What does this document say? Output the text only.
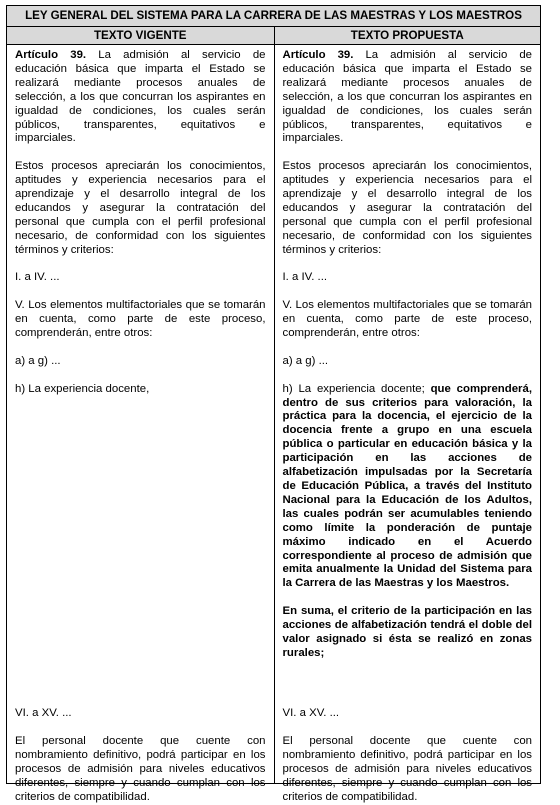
LEY GENERAL DEL SISTEMA PARA LA CARRERA DE LAS MAESTRAS Y LOS MAESTROS
TEXTO VIGENTE	TEXTO PROPUESTA

Artículo 39. La admisión al servicio de educación básica que imparta el Estado se realizará mediante procesos anuales de selección, a los que concurran los aspirantes en igualdad de condiciones, los cuales serán públicos, transparentes, equitativos e imparciales.

Estos procesos apreciarán los conocimientos, aptitudes y experiencia necesarios para el aprendizaje y el desarrollo integral de los educandos y asegurar la contratación del personal que cumpla con el perfil profesional necesario, de conformidad con los siguientes términos y criterios:

I. a IV. ...

V. Los elementos multifactoriales que se tomarán en cuenta, como parte de este proceso, comprenderán, entre otros:

a) a g) ...

h) La experiencia docente,

VI. a XV. ...

El personal docente que cuente con nombramiento definitivo, podrá participar en los procesos de admisión para niveles educativos diferentes, siempre y cuando cumplan con los criterios de compatibilidad.

Artículo 39. La admisión al servicio de educación básica que imparta el Estado se realizará mediante procesos anuales de selección, a los que concurran los aspirantes en igualdad de condiciones, los cuales serán públicos, transparentes, equitativos e imparciales.

Estos procesos apreciarán los conocimientos, aptitudes y experiencia necesarios para el aprendizaje y el desarrollo integral de los educandos y asegurar la contratación del personal que cumpla con el perfil profesional necesario, de conformidad con los siguientes términos y criterios:

I. a IV. ...

V. Los elementos multifactoriales que se tomarán en cuenta, como parte de este proceso, comprenderán, entre otros:

a) a g) ...

h) La experiencia docente; que comprenderá, dentro de sus criterios para valoración, la práctica para la docencia, el ejercicio de la docencia frente a grupo en una escuela pública o particular en educación básica y la participación en las acciones de alfabetización impulsadas por la Secretaría de Educación Pública, a través del Instituto Nacional para la Educación de los Adultos, las cuales podrán ser acumulables teniendo como límite la ponderación de puntaje máximo indicado en el Acuerdo correspondiente al proceso de admisión que emita anualmente la Unidad del Sistema para la Carrera de las Maestras y los Maestros.

En suma, el criterio de la participación en las acciones de alfabetización tendrá el doble del valor asignado si ésta se realizó en zonas rurales;

VI. a XV. ...

El personal docente que cuente con nombramiento definitivo, podrá participar en los procesos de admisión para niveles educativos diferentes, siempre y cuando cumplan con los criterios de compatibilidad.
